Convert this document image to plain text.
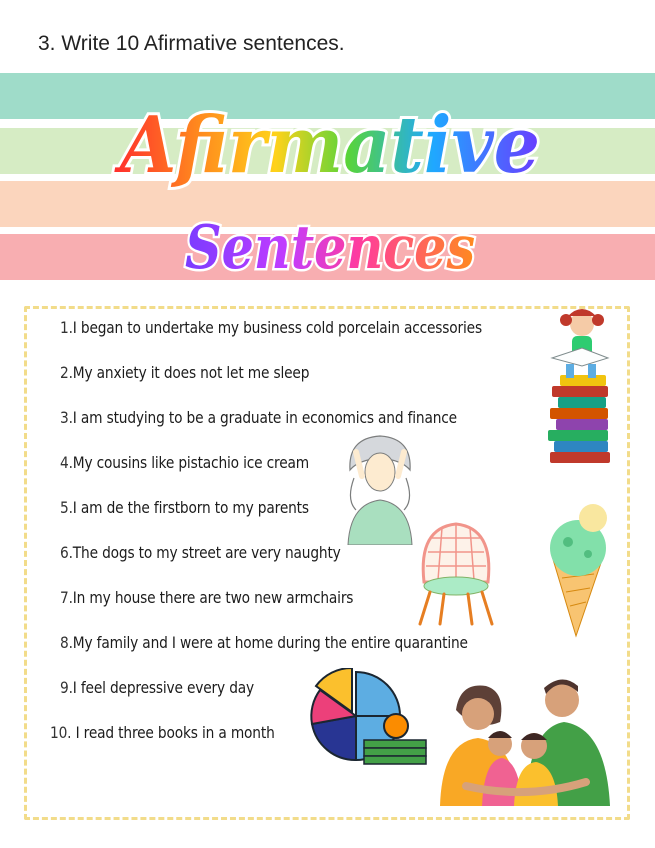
3. Write 10 Afirmative sentences.
Afirmative
Sentences
1.I began to undertake my business cold porcelain accessories
2.My anxiety it does not let me sleep
3.I am studying to be a graduate in economics and finance
4.My cousins like pistachio ice cream
5.I am de the firstborn to my parents
6.The dogs to my street are very naughty
7.In my house there are two new armchairs
8.My family and I were at home during the entire quarantine
9.I feel depressive every day
10. I read three books in a month
